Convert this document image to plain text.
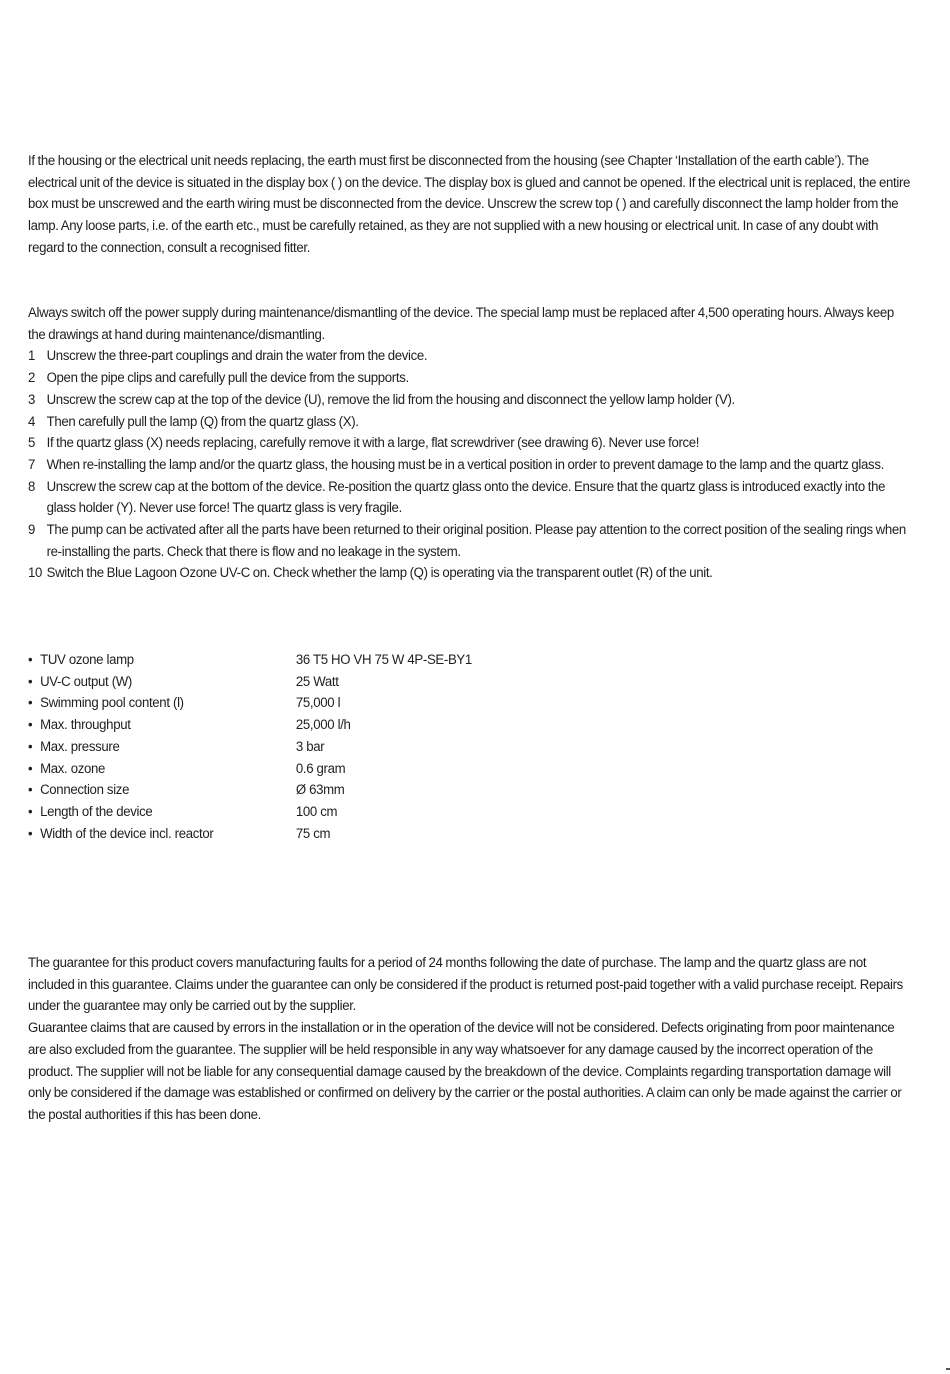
If the housing or the electrical unit needs replacing, the earth must first be disconnected from the housing (see Chapter ‘Installation of the earth cable’). The electrical unit of the device is situated in the display box ( ) on the device. The display box is glued and cannot be opened. If the electrical unit is replaced, the entire box must be unscrewed and the earth wiring must be disconnected from the device. Unscrew the screw top ( ) and carefully disconnect the lamp holder from the lamp. Any loose parts, i.e. of the earth etc., must be carefully retained, as they are not supplied with a new housing or electrical unit. In case of any doubt with regard to the connection, consult a recognised fitter.

Always switch off the power supply during maintenance/dismantling of the device. The special lamp must be replaced after 4,500 operating hours. Always keep the drawings at hand during maintenance/dismantling.

1 Unscrew the three-part couplings and drain the water from the device.
2 Open the pipe clips and carefully pull the device from the supports.
3 Unscrew the screw cap at the top of the device (U), remove the lid from the housing and disconnect the yellow lamp holder (V).
4 Then carefully pull the lamp (Q) from the quartz glass (X).
5 If the quartz glass (X) needs replacing, carefully remove it with a large, flat screwdriver (see drawing 6). Never use force!
7 When re-installing the lamp and/or the quartz glass, the housing must be in a vertical position in order to prevent damage to the lamp and the quartz glass.
8 Unscrew the screw cap at the bottom of the device. Re-position the quartz glass onto the device. Ensure that the quartz glass is introduced exactly into the glass holder (Y). Never use force! The quartz glass is very fragile.
9 The pump can be activated after all the parts have been returned to their original position. Please pay attention to the correct position of the sealing rings when re-installing the parts. Check that there is flow and no leakage in the system.
10 Switch the Blue Lagoon Ozone UV-C on. Check whether the lamp (Q) is operating via the transparent outlet (R) of the unit.
• TUV ozone lamp	36 T5 HO VH 75 W 4P-SE-BY1
• UV-C output (W)	25 Watt
• Swimming pool content (l)	75,000 l
• Max. throughput	25,000 l/h
• Max. pressure	3 bar
• Max. ozone	0.6 gram
• Connection size	Ø 63mm
• Length of the device	100 cm
• Width of the device incl. reactor	75 cm

The guarantee for this product covers manufacturing faults for a period of 24 months following the date of purchase. The lamp and the quartz glass are not included in this guarantee. Claims under the guarantee can only be considered if the product is returned post-paid together with a valid purchase receipt. Repairs under the guarantee may only be carried out by the supplier.

Guarantee claims that are caused by errors in the installation or in the operation of the device will not be considered. Defects originating from poor maintenance are also excluded from the guarantee. The supplier will be held responsible in any way whatsoever for any damage caused by the incorrect operation of the product. The supplier will not be liable for any consequential damage caused by the breakdown of the device. Complaints regarding transportation damage will only be considered if the damage was established or confirmed on delivery by the carrier or the postal authorities. A claim can only be made against the carrier or the postal authorities if this has been done.
